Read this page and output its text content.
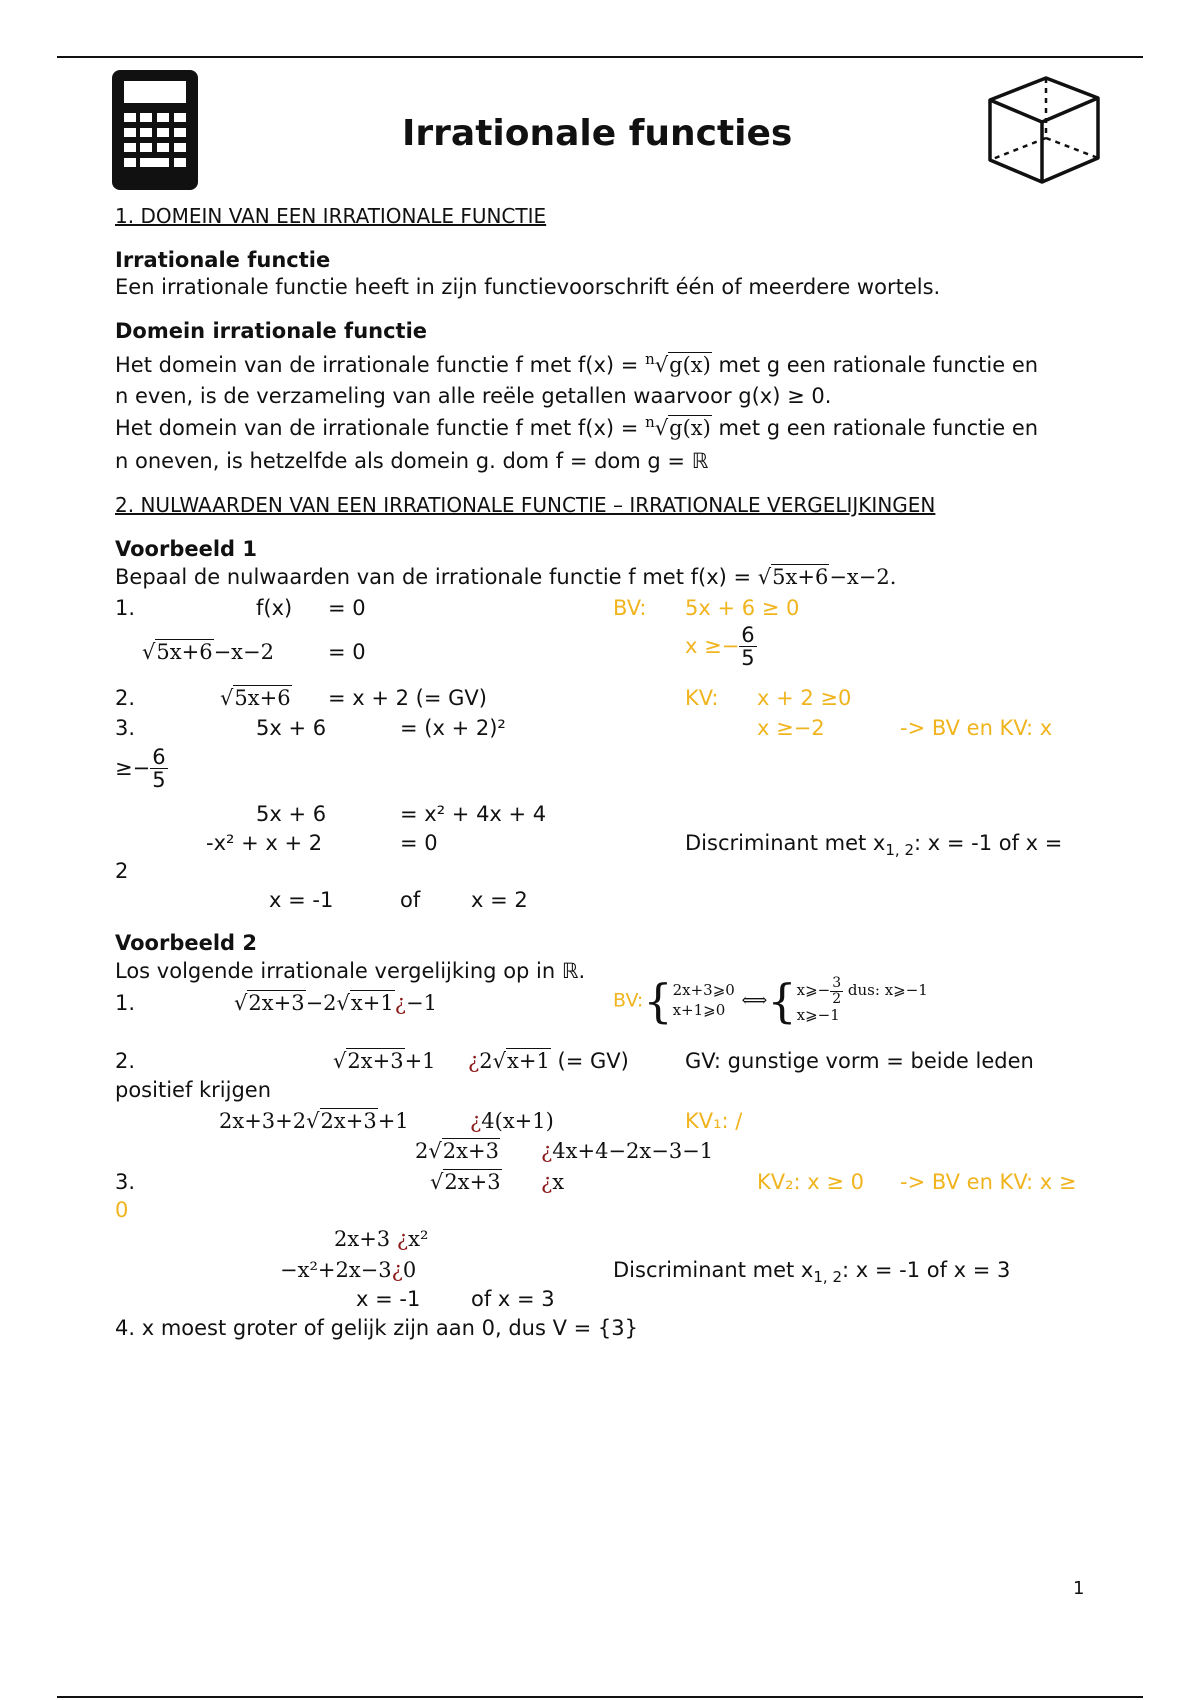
Irrationale functies
1. DOMEIN VAN EEN IRRATIONALE FUNCTIE
Irrationale functie
Een irrationale functie heeft in zijn functievoorschrift één of meerdere wortels.
Domein irrationale functie
Het domein van de irrationale functie f met f(x) = $^n$√g(x) met g een rationale functie en
n even, is de verzameling van alle reële getallen waarvoor g(x) ≥ 0.
Het domein van de irrationale functie f met f(x) = $^n$√g(x) met g een rationale functie en
n oneven, is hetzelfde als domein g. dom f = dom g = ℝ
2. NULWAARDEN VAN EEN IRRATIONALE FUNCTIE – IRRATIONALE VERGELIJKINGEN
Voorbeeld 1
Bepaal de nulwaarden van de irrationale functie f met f(x) = √5x+6−x−2.
1.	f(x) = 0	BV: 5x + 6 ≥ 0
√5x+6−x−2	= 0	$x \ge- \frac{6}{5}$
2.	√5x+6 = x + 2 (= GV)	KV: x + 2 ≥0
3.	5x + 6	= (x + 2)²	x ≥−2	-> BV en KV: x
≥− $\frac{6}{5}$
5x + 6	= x² + 4x + 4
-x² + x + 2	= 0	Discriminant met $x_{1, 2}$: x = -1 of x =
2
x = -1	of x = 2
Voorbeeld 2
Los volgende irrationale vergelijking op in ℝ.
1.	√2x+3−2√x+1¿−1	BV:{ 2x+3⩾0
x+1⩾0 ⟺{ x⩾− $\frac{3}{2}$ dus: x⩾−1
x⩾−1
2.	√2x+3+1 ¿2√x+1 (= GV)	GV: gunstige vorm = beide leden
positief krijgen
2x+3+2√2x+3+1	¿4(x+1)	KV₁: /
2√2x+3 ¿4x+4−2x−3−1
3.	√2x+3 ¿x	KV₂: x ≥ 0 -> BV en KV: x ≥
0
2x+3 ¿x²
−x²+2x−3¿0	Discriminant met $x_{1, 2}$: x = -1 of x = 3
x = -1 of x = 3
4. x moest groter of gelijk zijn aan 0, dus V = {3}
1
